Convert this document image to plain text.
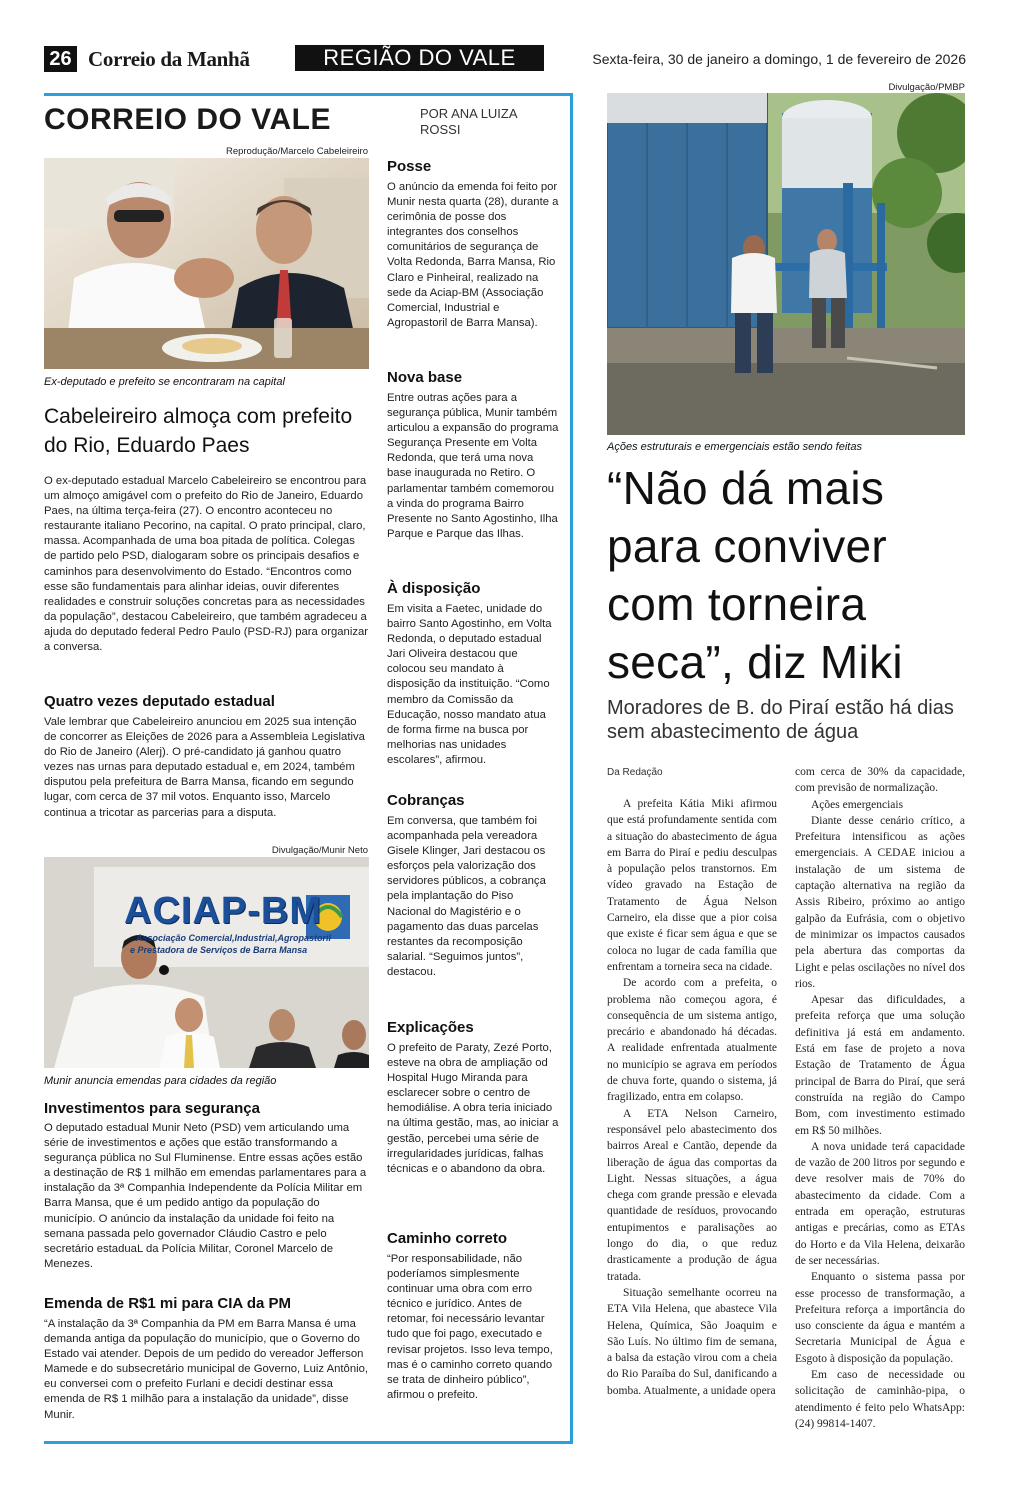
26 Correio da Manhã	REGIÃO DO VALE	Sexta-feira, 30 de janeiro a domingo, 1 de fevereiro de 2026
CORREIO DO VALE	POR ANA LUIZA ROSSI
Reprodução/Marcelo Cabeleireiro
Ex-deputado e prefeito se encontraram na capital
Cabeleireiro almoça com prefeito do Rio, Eduardo Paes
O ex-deputado estadual Marcelo Cabeleireiro se encontrou para um almoço amigável com o prefeito do Rio de Janeiro, Eduardo Paes, na última terça-feira (27). O encontro aconteceu no restaurante italiano Pecorino, na capital. O prato principal, claro, massa. Acompanhada de uma boa pitada de política. Colegas de partido pelo PSD, dialogaram sobre os principais desafios e caminhos para desenvolvimento do Estado. “Encontros como esse são fundamentais para alinhar ideias, ouvir diferentes realidades e construir soluções concretas para as necessidades da população”, destacou Cabeleireiro, que também agradeceu a ajuda do deputado federal Pedro Paulo (PSD-RJ) para organizar a conversa.
Quatro vezes deputado estadual
Vale lembrar que Cabeleireiro anunciou em 2025 sua intenção de concorrer as Eleições de 2026 para a Assembleia Legislativa do Rio de Janeiro (Alerj). O pré-candidato já ganhou quatro vezes nas urnas para deputado estadual e, em 2024, também disputou pela prefeitura de Barra Mansa, ficando em segundo lugar, com cerca de 37 mil votos. Enquanto isso, Marcelo continua a tricotar as parcerias para a disputa.
Divulgação/Munir Neto
ACIAP-BM
Associação Comercial,Industrial,Agropastoril
e Prestadora de Serviços de Barra Mansa
Munir anuncia emendas para cidades da região
Investimentos para segurança
O deputado estadual Munir Neto (PSD) vem articulando uma série de investimentos e ações que estão transformando a segurança pública no Sul Fluminense. Entre essas ações estão a destinação de R$ 1 milhão em emendas parlamentares para a instalação da 3ª Companhia Independente da Polícia Militar em Barra Mansa, que é um pedido antigo da população do município. O anúncio da instalação da unidade foi feito na semana passada pelo governador Cláudio Castro e pelo secretário estaduaL da Polícia Militar, Coronel Marcelo de Menezes.
Emenda de R$1 mi para CIA da PM
“A instalação da 3ª Companhia da PM em Barra Mansa é uma demanda antiga da população do município, que o Governo do Estado vai atender. Depois de um pedido do vereador Jefferson Mamede e do subsecretário municipal de Governo, Luiz Antônio, eu conversei com o prefeito Furlani e decidi destinar essa emenda de R$ 1 milhão para a instalação da unidade”, disse Munir.
Posse
O anúncio da emenda foi feito por Munir nesta quarta (28), durante a cerimônia de posse dos integrantes dos conselhos comunitários de segurança de Volta Redonda, Barra Mansa, Rio Claro e Pinheiral, realizado na sede da Aciap-BM (Associação Comercial, Industrial e Agropastoril de Barra Mansa).
Nova base
Entre outras ações para a segurança pública, Munir também articulou a expansão do programa Segurança Presente em Volta Redonda, que terá uma nova base inaugurada no Retiro. O parlamentar também comemorou a vinda do programa Bairro Presente no Santo Agostinho, Ilha Parque e Parque das Ilhas.
À disposição
Em visita a Faetec, unidade do bairro Santo Agostinho, em Volta Redonda, o deputado estadual Jari Oliveira destacou que colocou seu mandato à disposição da instituição. “Como membro da Comissão da Educação, nosso mandato atua de forma firme na busca por melhorias nas unidades escolares”, afirmou.
Cobranças
Em conversa, que também foi acompanhada pela vereadora Gisele Klinger, Jari destacou os esforços pela valorização dos servidores públicos, a cobrança pela implantação do Piso Nacional do Magistério e o pagamento das duas parcelas restantes da recomposição salarial. “Seguimos juntos”, destacou.
Explicações
O prefeito de Paraty, Zezé Porto, esteve na obra de ampliação od Hospital Hugo Miranda para esclarecer sobre o centro de hemodiálise. A obra teria iniciado na última gestão, mas, ao iniciar a gestão, percebei uma série de irregularidades jurídicas, falhas técnicas e o abandono da obra.
Caminho correto
“Por responsabilidade, não poderíamos simplesmente continuar uma obra com erro técnico e jurídico. Antes de retomar, foi necessário levantar tudo que foi pago, executado e revisar projetos. Isso leva tempo, mas é o caminho correto quando se trata de dinheiro público”, afirmou o prefeito.
Divulgação/PMBP
Ações estruturais e emergenciais estão sendo feitas
“Não dá mais para conviver com torneira seca”, diz Miki
Moradores de B. do Piraí estão há dias sem abastecimento de água
Da Redação

A prefeita Kátia Miki afirmou que está profundamente sentida com a situação do abastecimento de água em Barra do Piraí e pediu desculpas à população pelos transtornos. Em vídeo gravado na Estação de Tratamento de Água Nelson Carneiro, ela disse que a pior coisa que existe é ficar sem água e que se coloca no lugar de cada família que enfrentam a torneira seca na cidade.

De acordo com a prefeita, o problema não começou agora, é consequência de um sistema antigo, precário e abandonado há décadas. A realidade enfrentada atualmente no município se agrava em períodos de chuva forte, quando o sistema, já fragilizado, entra em colapso.

A ETA Nelson Carneiro, responsável pelo abastecimento dos bairros Areal e Cantão, depende da liberação de água das comportas da Light. Nessas situações, a água chega com grande pressão e elevada quantidade de resíduos, provocando entupimentos e paralisações ao longo do dia, o que reduz drasticamente a produção de água tratada.

Situação semelhante ocorreu na ETA Vila Helena, que abastece Vila Helena, Química, São Joaquim e São Luís. No último fim de semana, a balsa da estação virou com a cheia do Rio Paraíba do Sul, danificando a bomba. Atualmente, a unidade opera

com cerca de 30% da capacidade, com previsão de normalização.

Ações emergenciais

Diante desse cenário crítico, a Prefeitura intensificou as ações emergenciais. A CEDAE iniciou a instalação de um sistema de captação alternativa na região da Assis Ribeiro, próximo ao antigo galpão da Eufrásia, com o objetivo de minimizar os impactos causados pela abertura das comportas da Light e pelas oscilações no nível dos rios.

Apesar das dificuldades, a prefeita reforça que uma solução definitiva já está em andamento. Está em fase de projeto a nova Estação de Tratamento de Água principal de Barra do Piraí, que será construída na região do Campo Bom, com investimento estimado em R$ 50 milhões.

A nova unidade terá capacidade de vazão de 200 litros por segundo e deve resolver mais de 70% do abastecimento da cidade. Com a entrada em operação, estruturas antigas e precárias, como as ETAs do Horto e da Vila Helena, deixarão de ser necessárias.

Enquanto o sistema passa por esse processo de transformação, a Prefeitura reforça a importância do uso consciente da água e mantém a Secretaria Municipal de Água e Esgoto à disposição da população.

Em caso de necessidade ou solicitação de caminhão-pipa, o atendimento é feito pelo WhatsApp: (24) 99814-1407.
